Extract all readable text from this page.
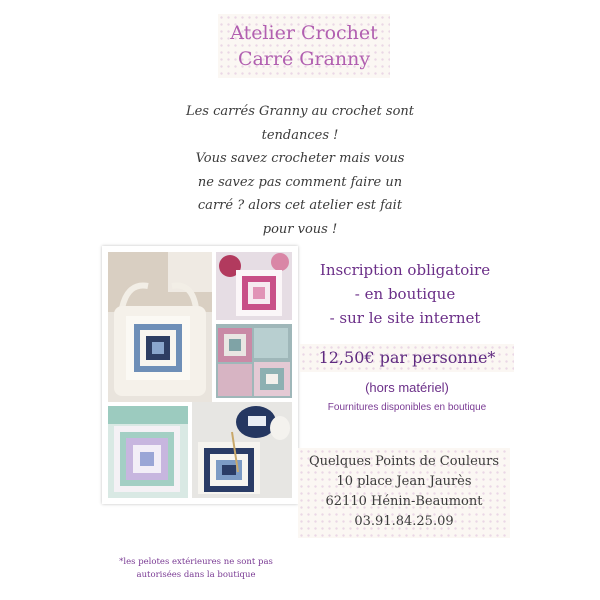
Atelier Crochet
Carré Granny
Les carrés Granny au crochet sont
tendances !
Vous savez crocheter mais vous
ne savez pas comment faire un
carré ? alors cet atelier est fait
pour vous !
Inscription obligatoire
- en boutique
- sur le site internet
12,50€ par personne*
(hors matériel)
Fournitures disponibles en boutique
Quelques Points de Couleurs
10 place Jean Jaurès
62110 Hénin-Beaumont
03.91.84.25.09
*les pelotes extérieures ne sont pas
autorisées dans la boutique
